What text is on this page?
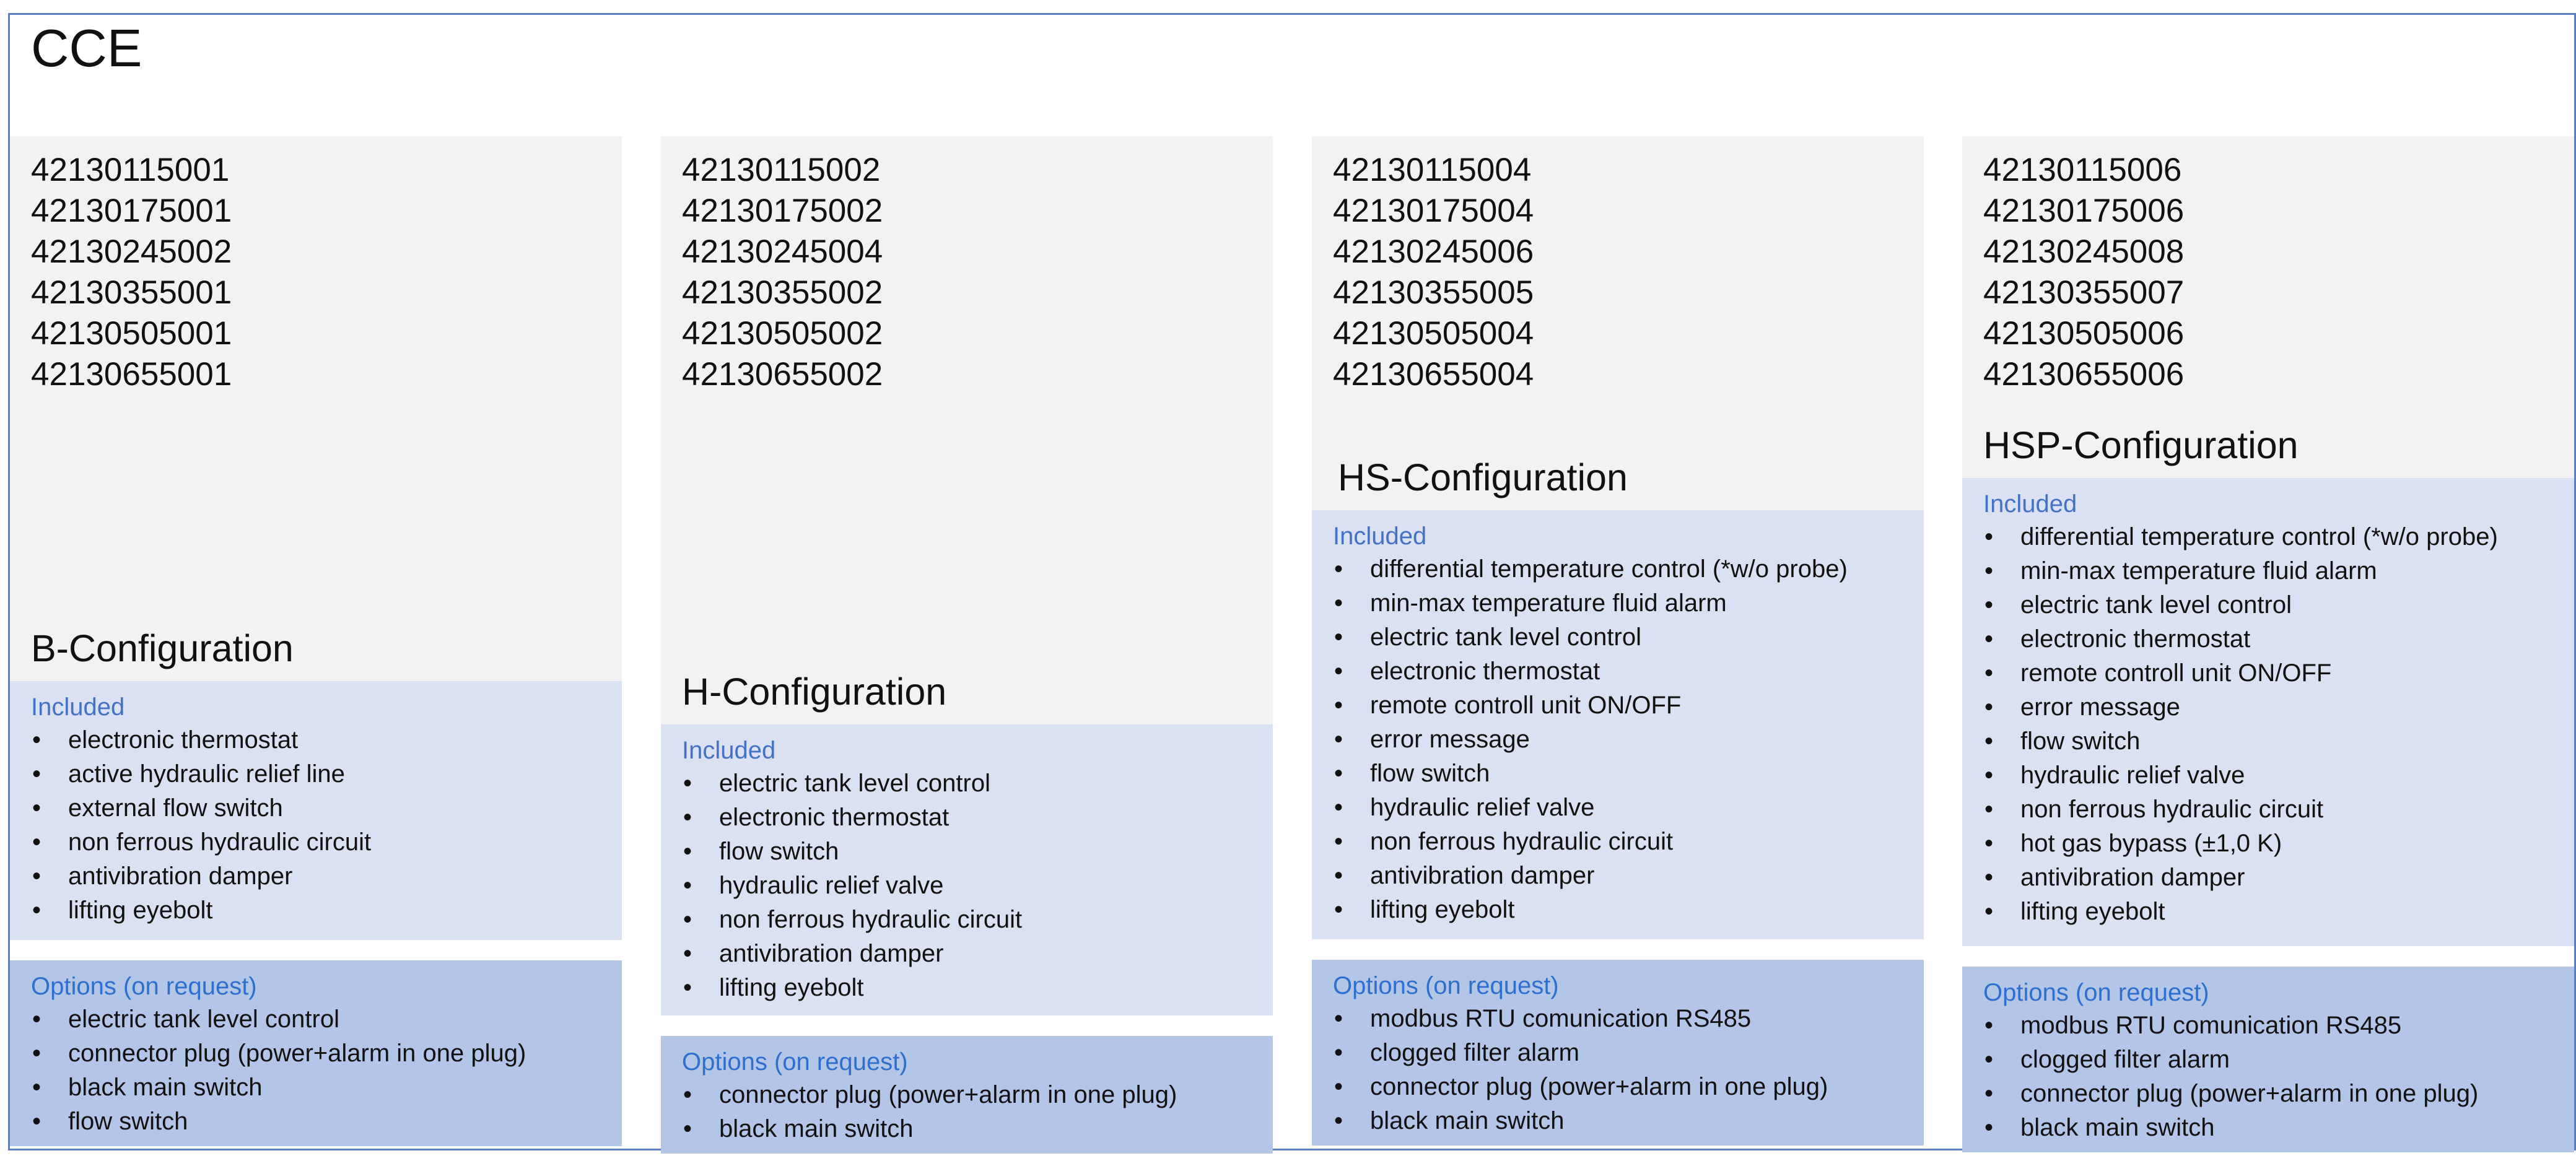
CCE
42130115001
42130175001
42130245002
42130355001
42130505001
42130655001
B-Configuration
Included
• electronic thermostat
• active hydraulic relief line
• external flow switch
• non ferrous hydraulic circuit
• antivibration damper
• lifting eyebolt
Options (on request)
• electric tank level control
• connector plug (power+alarm in one plug)
• black main switch
• flow switch
42130115002
42130175002
42130245004
42130355002
42130505002
42130655002
H-Configuration
Included
• electric tank level control
• electronic thermostat
• flow switch
• hydraulic relief valve
• non ferrous hydraulic circuit
• antivibration damper
• lifting eyebolt
Options (on request)
• connector plug (power+alarm in one plug)
• black main switch
42130115004
42130175004
42130245006
42130355005
42130505004
42130655004
HS-Configuration
Included
• differential temperature control (*w/o probe)
• min-max temperature fluid alarm
• electric tank level control
• electronic thermostat
• remote controll unit ON/OFF
• error message
• flow switch
• hydraulic relief valve
• non ferrous hydraulic circuit
• antivibration damper
• lifting eyebolt
Options (on request)
• modbus RTU comunication RS485
• clogged filter alarm
• connector plug (power+alarm in one plug)
• black main switch
42130115006
42130175006
42130245008
42130355007
42130505006
42130655006
HSP-Configuration
Included
• differential temperature control (*w/o probe)
• min-max temperature fluid alarm
• electric tank level control
• electronic thermostat
• remote controll unit ON/OFF
• error message
• flow switch
• hydraulic relief valve
• non ferrous hydraulic circuit
• hot gas bypass (±1,0 K)
• antivibration damper
• lifting eyebolt
Options (on request)
• modbus RTU comunication RS485
• clogged filter alarm
• connector plug (power+alarm in one plug)
• black main switch
